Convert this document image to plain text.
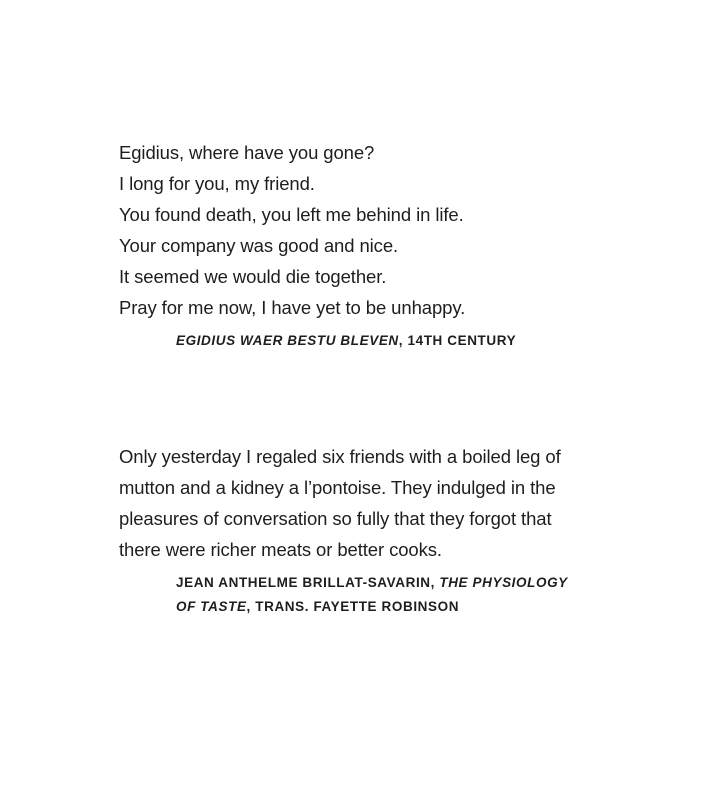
Egidius, where have you gone?
I long for you, my friend.
You found death, you left me behind in life.
Your company was good and nice.
It seemed we would die together.
Pray for me now, I have yet to be unhappy.
EGIDIUS WAER BESTU BLEVEN, 14TH CENTURY
Only yesterday I regaled six friends with a boiled leg of
mutton and a kidney a l’pontoise. They indulged in the
pleasures of conversation so fully that they forgot that
there were richer meats or better cooks.
JEAN ANTHELME BRILLAT-SAVARIN, THE PHYSIOLOGY
OF TASTE, TRANS. FAYETTE ROBINSON
